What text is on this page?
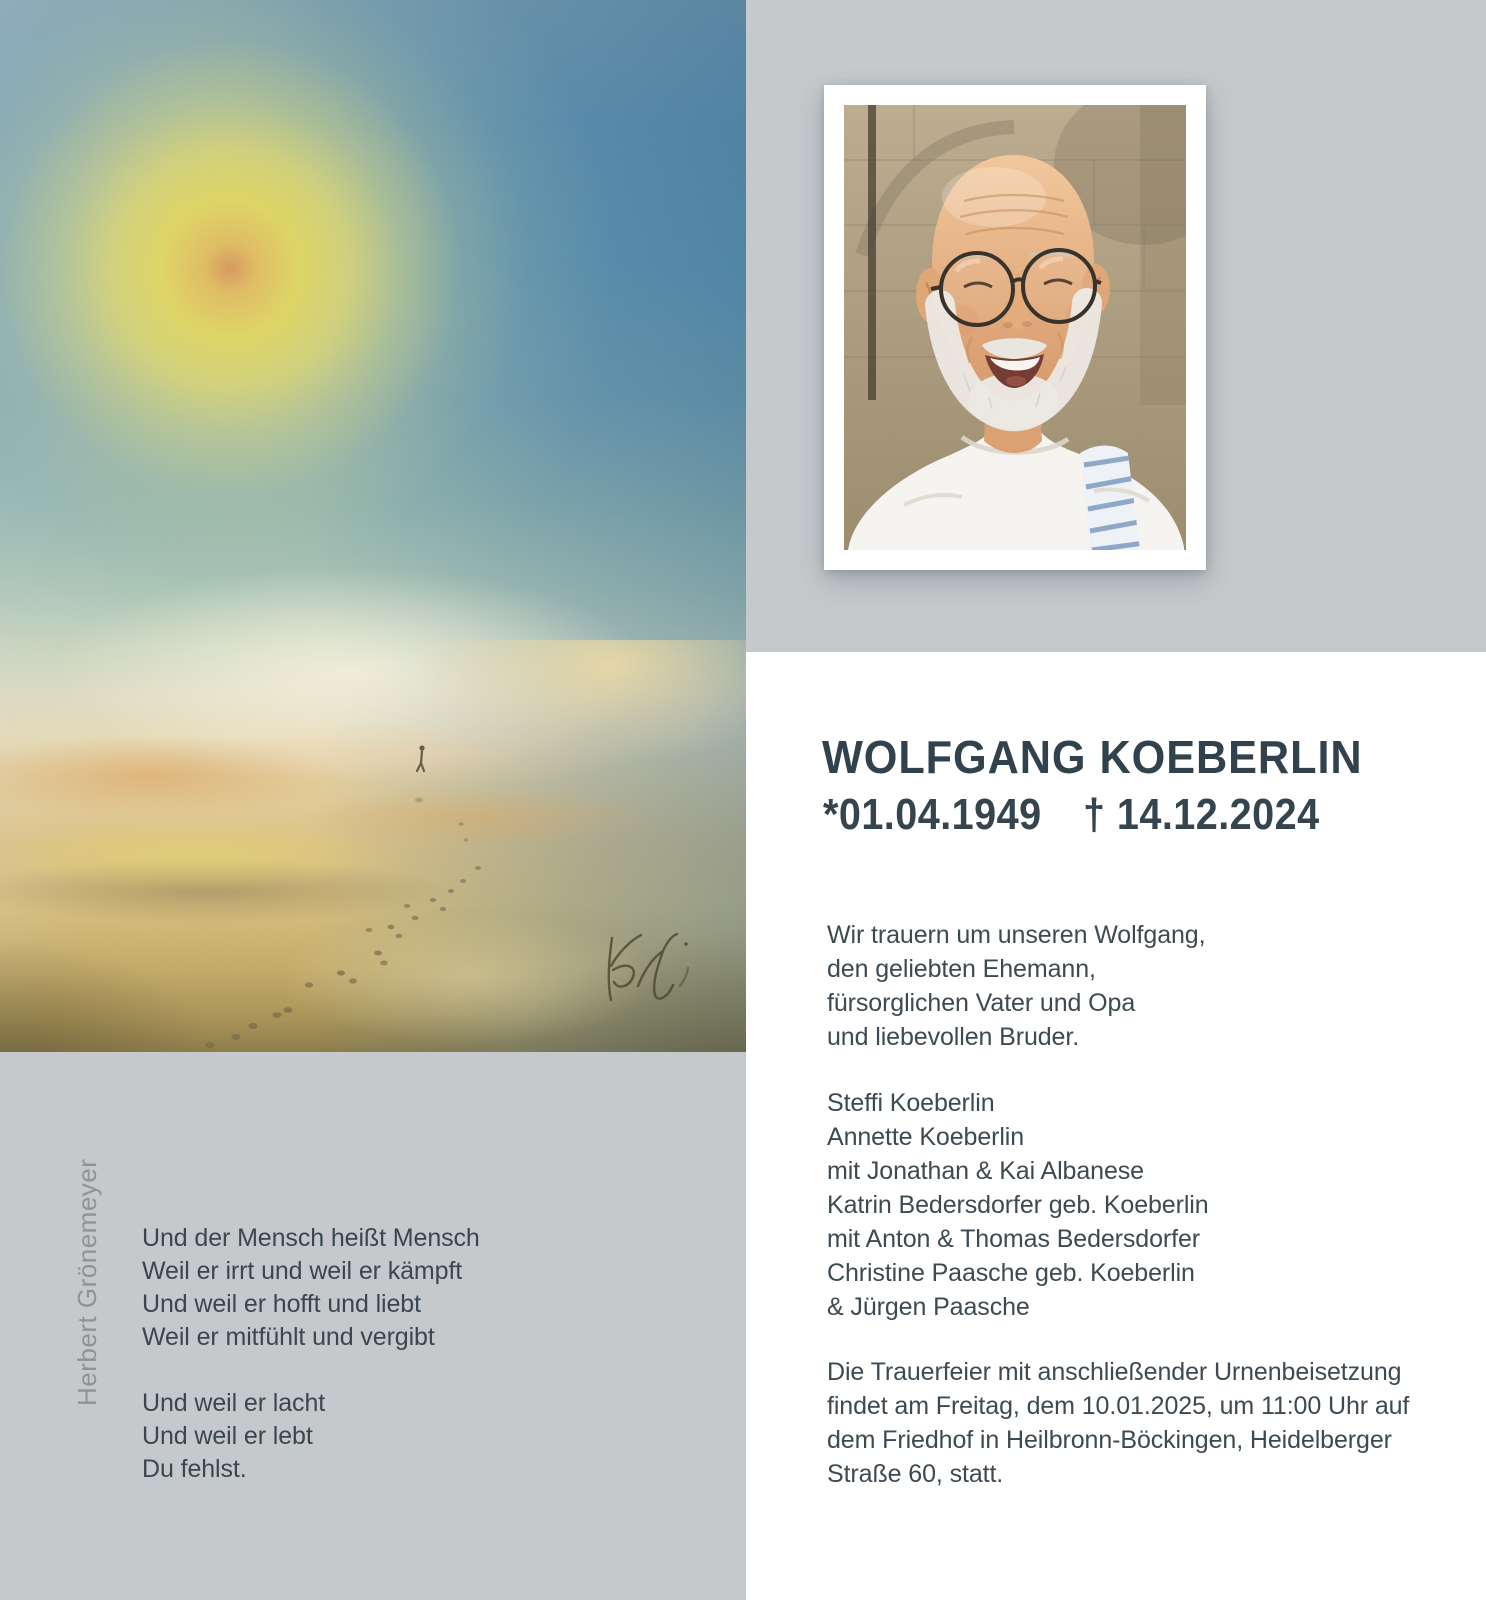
WOLFGANG KOEBERLIN
*01.04.1949 † 14.12.2024
Wir trauern um unseren Wolfgang,
den geliebten Ehemann,
fürsorglichen Vater und Opa
und liebevollen Bruder.
Steffi Koeberlin
Annette Koeberlin
mit Jonathan & Kai Albanese
Katrin Bedersdorfer geb. Koeberlin
mit Anton & Thomas Bedersdorfer
Christine Paasche geb. Koeberlin
& Jürgen Paasche
Die Trauerfeier mit anschließender Urnenbeisetzung
findet am Freitag, dem 10.01.2025, um 11:00 Uhr auf
dem Friedhof in Heilbronn-Böckingen, Heidelberger
Straße 60, statt.
Herbert Grönemeyer Und der Mensch heißt Mensch
Weil er irrt und weil er kämpft
Und weil er hofft und liebt
Weil er mitfühlt und vergibt
Und weil er lacht
Und weil er lebt
Du fehlst.
